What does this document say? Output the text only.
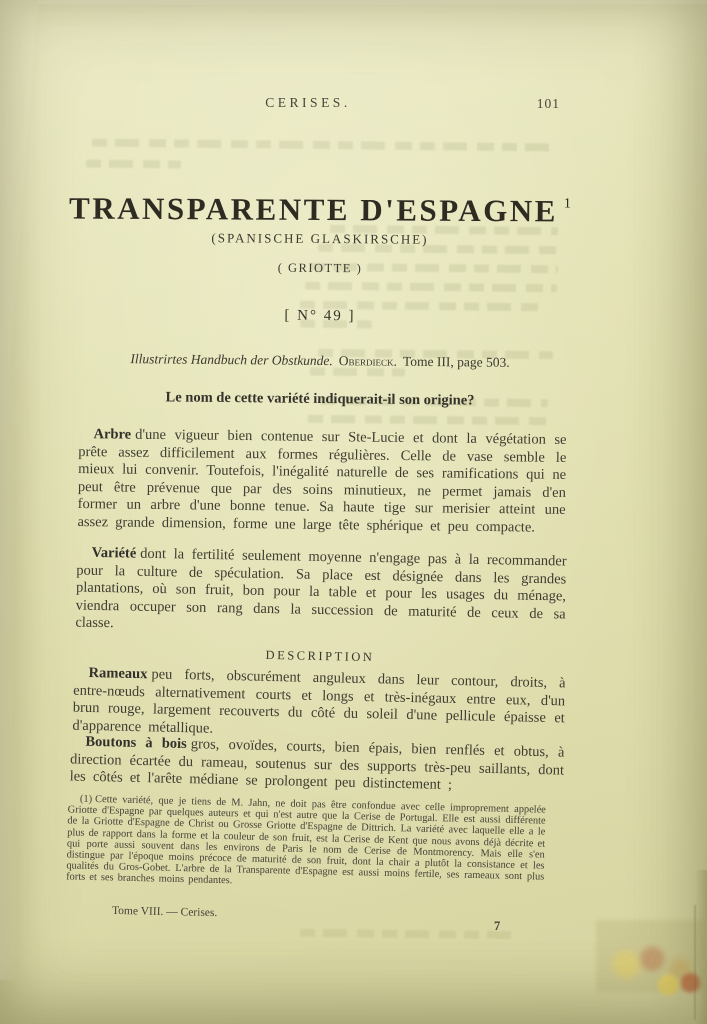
CERISES.	101
TRANSPARENTE D'ESPAGNE $^1$
(SPANISCHE GLASKIRSCHE)
( GRIOTTE )
[ N° 49 ]
Illustrirtes Handbuch der Obstkunde. Oberdieck. Tome III, page 503.
Le nom de cette variété indiquerait-il son origine?

Arbre d'une vigueur bien contenue sur Ste-Lucie et dont la végétation se prête assez difficilement aux formes régulières. Celle de vase semble le mieux lui convenir. Toutefois, l'inégalité naturelle de ses ramifications qui ne peut être prévenue que par des soins minutieux, ne permet jamais d'en former un arbre d'une bonne tenue. Sa haute tige sur merisier atteint une assez grande dimension, forme une large tête sphérique et peu compacte.

Variété dont la fertilité seulement moyenne n'engage pas à la recommander pour la culture de spéculation. Sa place est désignée dans les grandes plantations, où son fruit, bon pour la table et pour les usages du ménage, viendra occuper son rang dans la succession de maturité de ceux de sa classe.

DESCRIPTION

Rameaux peu forts, obscurément anguleux dans leur contour, droits, à entre-nœuds alternativement courts et longs et très-inégaux entre eux, d'un brun rouge, largement recouverts du côté du soleil d'une pellicule épaisse et d'apparence métallique.

Boutons à bois gros, ovoïdes, courts, bien épais, bien renflés et obtus, à direction écartée du rameau, soutenus sur des supports très-peu saillants, dont les côtés et l'arête médiane se prolongent peu distinctement ;

(1) Cette variété, que je tiens de M. Jahn, ne doit pas être confondue avec celle improprement appelée Griotte d'Espagne par quelques auteurs et qui n'est autre que la Cerise de Portugal. Elle est aussi différente de la Griotte d'Espagne de Christ ou Grosse Griotte d'Espagne de Dittrich. La variété avec laquelle elle a le plus de rapport dans la forme et la couleur de son fruit, est la Cerise de Kent que nous avons déjà décrite et qui porte aussi souvent dans les environs de Paris le nom de Cerise de Montmorency. Mais elle s'en distingue par l'époque moins précoce de maturité de son fruit, dont la chair a plutôt la consistance et les qualités du Gros-Gobet. L'arbre de la Transparente d'Espagne est aussi moins fertile, ses rameaux sont plus forts et ses branches moins pendantes.

Tome VIII. — Cerises.
7
